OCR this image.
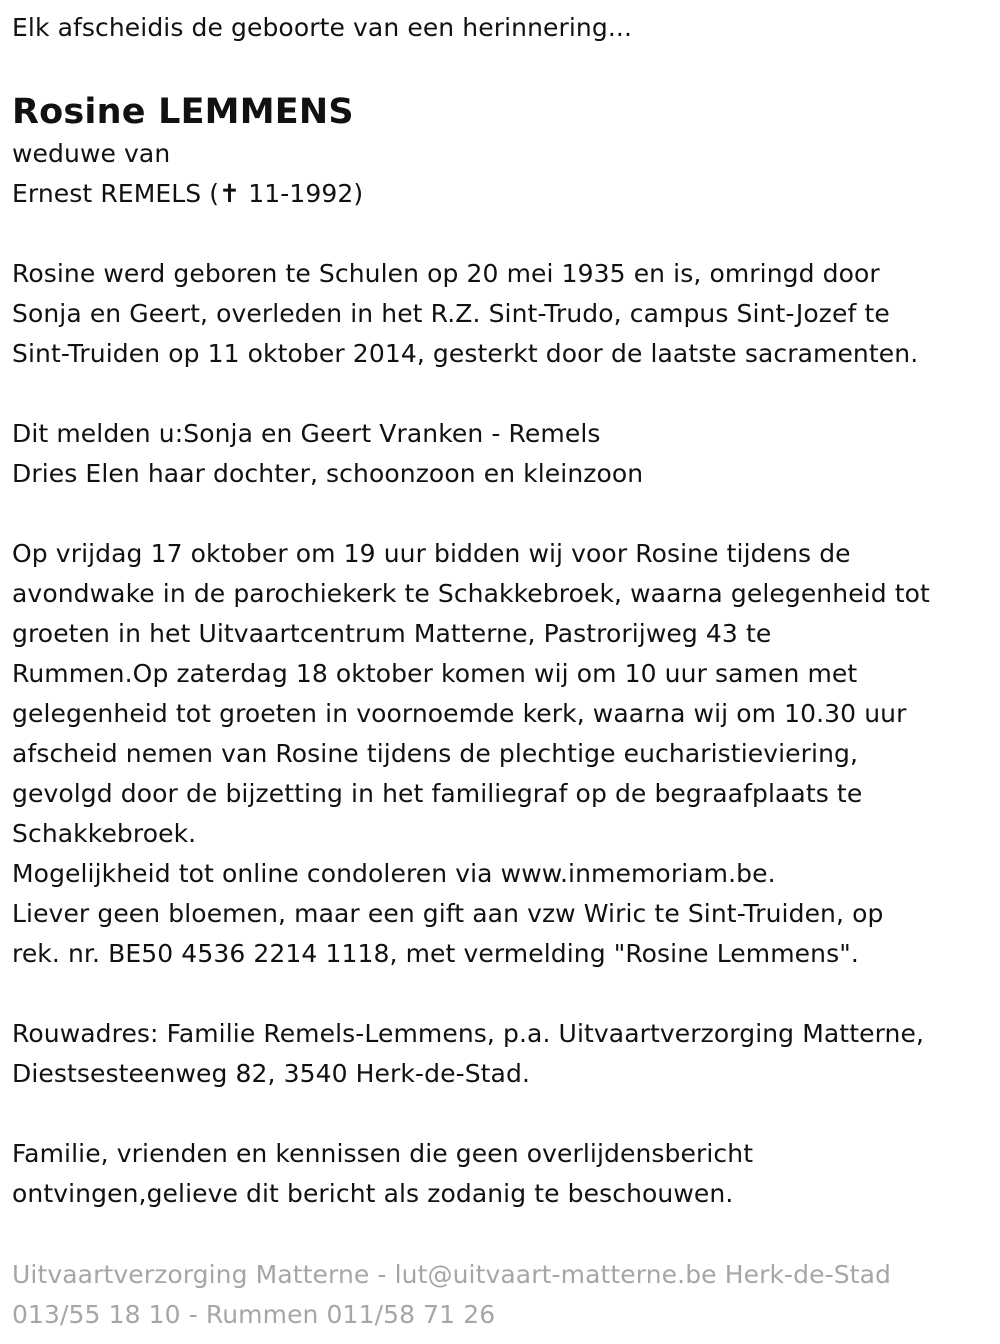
Elk afscheidis de geboorte van een herinnering...
Rosine LEMMENS
weduwe van
Ernest REMELS (✝ 11-1992)
Rosine werd geboren te Schulen op 20 mei 1935 en is, omringd door
Sonja en Geert, overleden in het R.Z. Sint-Trudo, campus Sint-Jozef te
Sint-Truiden op 11 oktober 2014, gesterkt door de laatste sacramenten.
Dit melden u:Sonja en Geert Vranken - Remels
Dries Elen haar dochter, schoonzoon en kleinzoon
Op vrijdag 17 oktober om 19 uur bidden wij voor Rosine tijdens de
avondwake in de parochiekerk te Schakkebroek, waarna gelegenheid tot
groeten in het Uitvaartcentrum Matterne, Pastrorijweg 43 te
Rummen.Op zaterdag 18 oktober komen wij om 10 uur samen met
gelegenheid tot groeten in voornoemde kerk, waarna wij om 10.30 uur
afscheid nemen van Rosine tijdens de plechtige eucharistieviering,
gevolgd door de bijzetting in het familiegraf op de begraafplaats te
Schakkebroek.
Mogelijkheid tot online condoleren via www.inmemoriam.be.
Liever geen bloemen, maar een gift aan vzw Wiric te Sint-Truiden, op
rek. nr. BE50 4536 2214 1118, met vermelding "Rosine Lemmens".
Rouwadres: Familie Remels-Lemmens, p.a. Uitvaartverzorging Matterne,
Diestsesteenweg 82, 3540 Herk-de-Stad.
Familie, vrienden en kennissen die geen overlijdensbericht
ontvingen,gelieve dit bericht als zodanig te beschouwen.
Uitvaartverzorging Matterne - lut@uitvaart-matterne.be Herk-de-Stad
013/55 18 10 - Rummen 011/58 71 26
